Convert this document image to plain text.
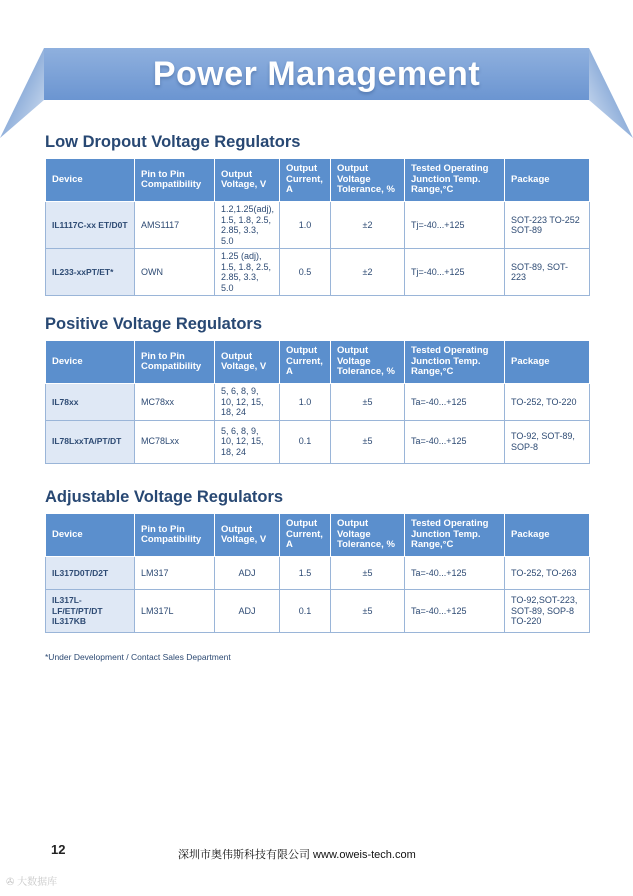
Power Management
Low Dropout Voltage Regulators
Device	Pin to Pin Compatibility	Output Voltage, V	Output Current, A	Output Voltage Tolerance, %	Tested Operating Junction Temp. Range,°C	Package
IL1117C-xx ET/D0T	AMS1117	1.2,1.25(adj), 1.5, 1.8, 2.5, 2.85, 3.3, 5.0	1.0	±2	Tj=-40...+125	SOT-223 TO-252 SOT-89
IL233-xxPT/ET*	OWN	1.25 (adj), 1.5, 1.8, 2.5, 2.85, 3.3, 5.0	0.5	±2	Tj=-40...+125	SOT-89, SOT-223
Positive Voltage Regulators
Device	Pin to Pin Compatibility	Output Voltage, V	Output Current, A	Output Voltage Tolerance, %	Tested Operating Junction Temp. Range,°C	Package
IL78xx	MC78xx	5, 6, 8, 9, 10, 12, 15, 18, 24	1.0	±5	Ta=-40...+125	TO-252, TO-220
IL78LxxTA/PT/DT	MC78Lxx	5, 6, 8, 9, 10, 12, 15, 18, 24	0.1	±5	Ta=-40...+125	TO-92, SOT-89, SOP-8
Adjustable Voltage Regulators
Device	Pin to Pin Compatibility	Output Voltage, V	Output Current, A	Output Voltage Tolerance, %	Tested Operating Junction Temp. Range,°C	Package
IL317D0T/D2T	LM317	ADJ	1.5	±5	Ta=-40...+125	TO-252, TO-263
IL317L-LF/ET/PT/DT IL317KB	LM317L	ADJ	0.1	±5	Ta=-40...+125	TO-92,SOT-223, SOT-89, SOP-8 TO-220
*Under Development / Contact Sales Department
12	深圳市奥伟斯科技有限公司 www.oweis-tech.com
✇ 大数据库
